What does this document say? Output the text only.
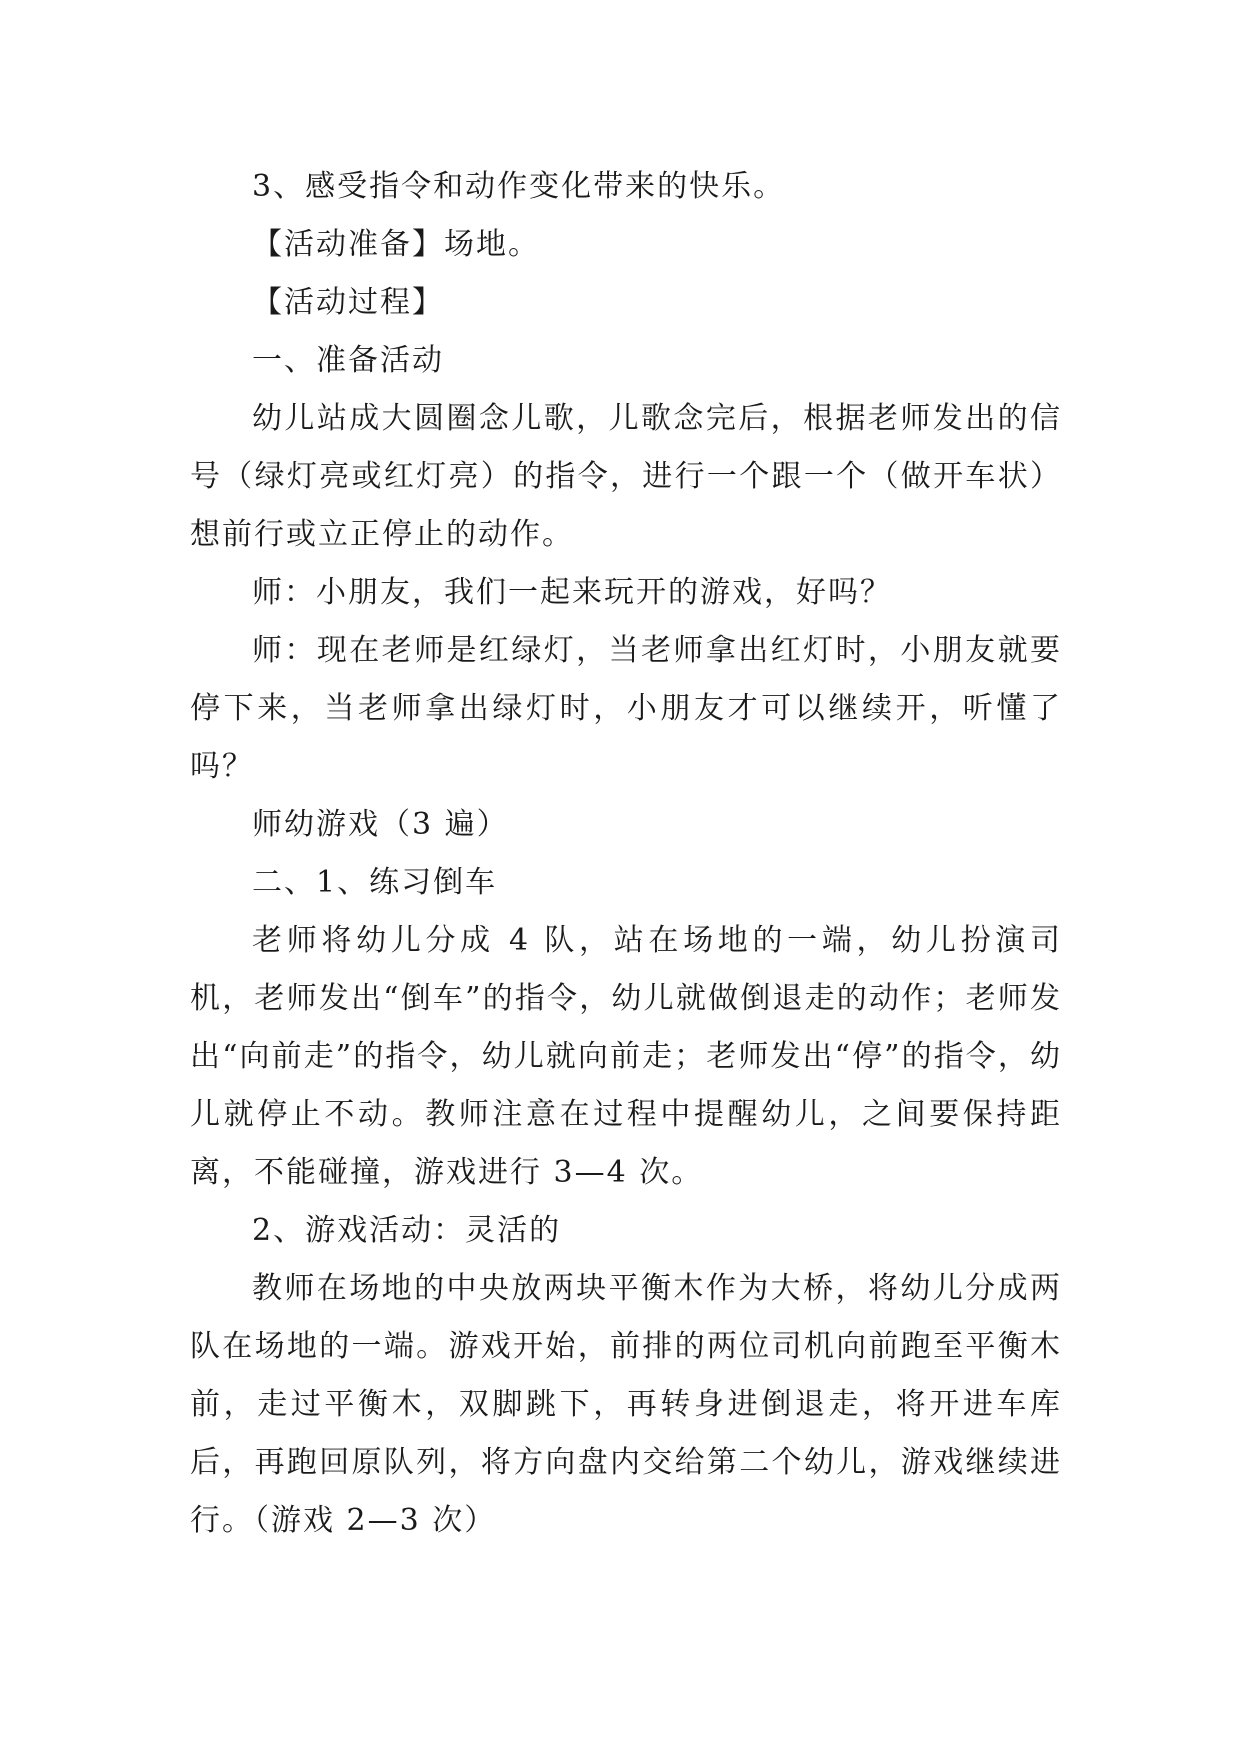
3、感受指令和动作变化带来的快乐。

【活动准备】场地。

【活动过程】

一、准备活动

幼儿站成大圆圈念儿歌，儿歌念完后，根据老师发出的信号（绿灯亮或红灯亮）的指令，进行一个跟一个（做开车状）想前行或立正停止的动作。

师：小朋友，我们一起来玩开的游戏，好吗？

师：现在老师是红绿灯，当老师拿出红灯时，小朋友就要停下来，当老师拿出绿灯时，小朋友才可以继续开，听懂了吗？

师幼游戏（3 遍）

二、1、练习倒车

老师将幼儿分成 4 队，站在场地的一端，幼儿扮演司机，老师发出“倒车”的指令，幼儿就做倒退走的动作；老师发出“向前走”的指令，幼儿就向前走；老师发出“停”的指令，幼儿就停止不动。教师注意在过程中提醒幼儿，之间要保持距离，不能碰撞，游戏进行 3—4 次。

2、游戏活动：灵活的

教师在场地的中央放两块平衡木作为大桥，将幼儿分成两队在场地的一端。游戏开始，前排的两位司机向前跑至平衡木前，走过平衡木，双脚跳下，再转身进倒退走，将开进车库后，再跑回原队列，将方向盘内交给第二个幼儿，游戏继续进行。（游戏 2—3 次）
